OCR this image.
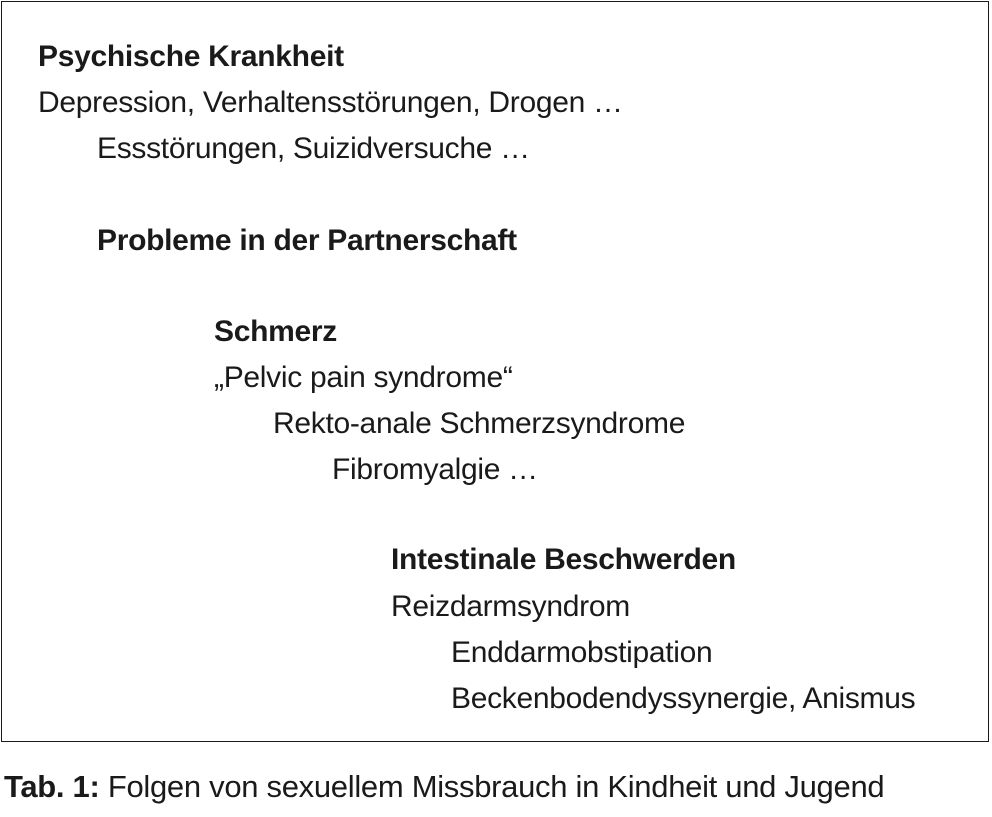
Psychische Krankheit
Depression, Verhaltensstörungen, Drogen …
Essstörungen, Suizidversuche …
Probleme in der Partnerschaft
Schmerz
„Pelvic pain syndrome“
Rekto-anale Schmerzsyndrome
Fibromyalgie …
Intestinale Beschwerden
Reizdarmsyndrom
Enddarmobstipation
Beckenbodendyssynergie, Anismus
Tab. 1: Folgen von sexuellem Missbrauch in Kindheit und Jugend
